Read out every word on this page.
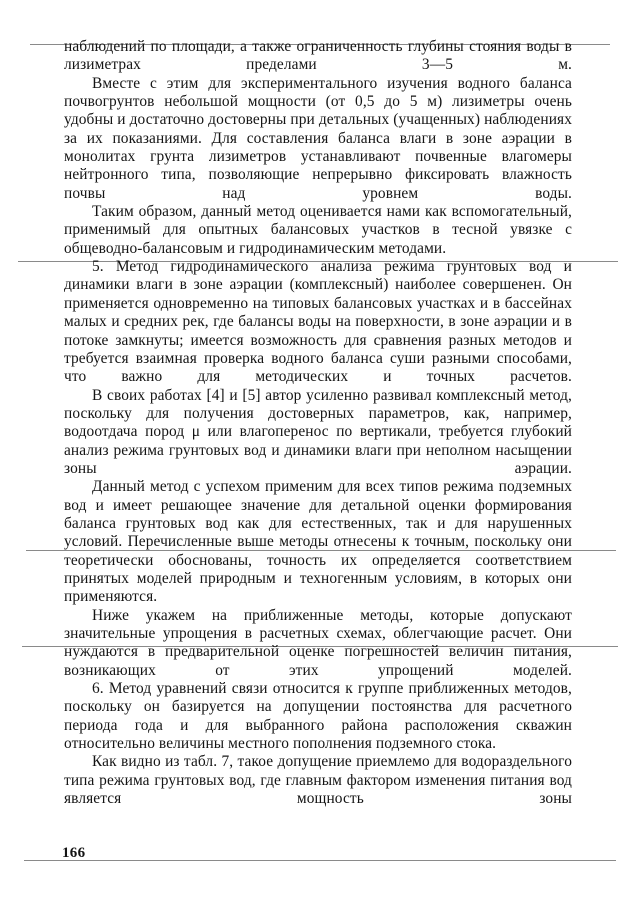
наблюдений по площади, а также ограниченность глубины стояния воды в лизиметрах пределами 3—5 м.

Вместе с этим для экспериментального изучения водного баланса почвогрунтов небольшой мощности (от 0,5 до 5 м) лизиметры очень удобны и достаточно достоверны при детальных (учащенных) наблюдениях за их показаниями. Для составления баланса влаги в зоне аэрации в монолитах грунта лизиметров устанавливают почвенные влагомеры нейтронного типа, позволяющие непрерывно фиксировать влажность почвы над уровнем воды.

Таким образом, данный метод оценивается нами как вспомогательный, применимый для опытных балансовых участков в тесной увязке с общеводно-балансовым и гидродинамическим методами.

5. Метод гидродинамического анализа режима грунтовых вод и динамики влаги в зоне аэрации (комплексный) наиболее совершенен. Он применяется одновременно на типовых балансовых участках и в бассейнах малых и средних рек, где балансы воды на поверхности, в зоне аэрации и в потоке замкнуты; имеется возможность для сравнения разных методов и требуется взаимная проверка водного баланса суши разными способами, что важно для методических и точных расчетов.

В своих работах [4] и [5] автор усиленно развивал комплексный метод, поскольку для получения достоверных параметров, как, например, водоотдача пород μ или влагоперенос по вертикали, требуется глубокий анализ режима грунтовых вод и динамики влаги при неполном насыщении зоны аэрации.

Данный метод с успехом применим для всех типов режима подземных вод и имеет решающее значение для детальной оценки формирования баланса грунтовых вод как для естественных, так и для нарушенных условий. Перечисленные выше методы отнесены к точным, поскольку они теоретически обоснованы, точность их определяется соответствием принятых моделей природным и техногенным условиям, в которых они применяются.

Ниже укажем на приближенные методы, которые допускают значительные упрощения в расчетных схемах, облегчающие расчет. Они нуждаются в предварительной оценке погрешностей величин питания, возникающих от этих упрощений моделей.

6. Метод уравнений связи относится к группе приближенных методов, поскольку он базируется на допущении постоянства для расчетного периода года и для выбранного района расположения скважин относительно величины местного пополнения подземного стока.

Как видно из табл. 7, такое допущение приемлемо для водораздельного типа режима грунтовых вод, где главным фактором изменения питания вод является мощность зоны

166
